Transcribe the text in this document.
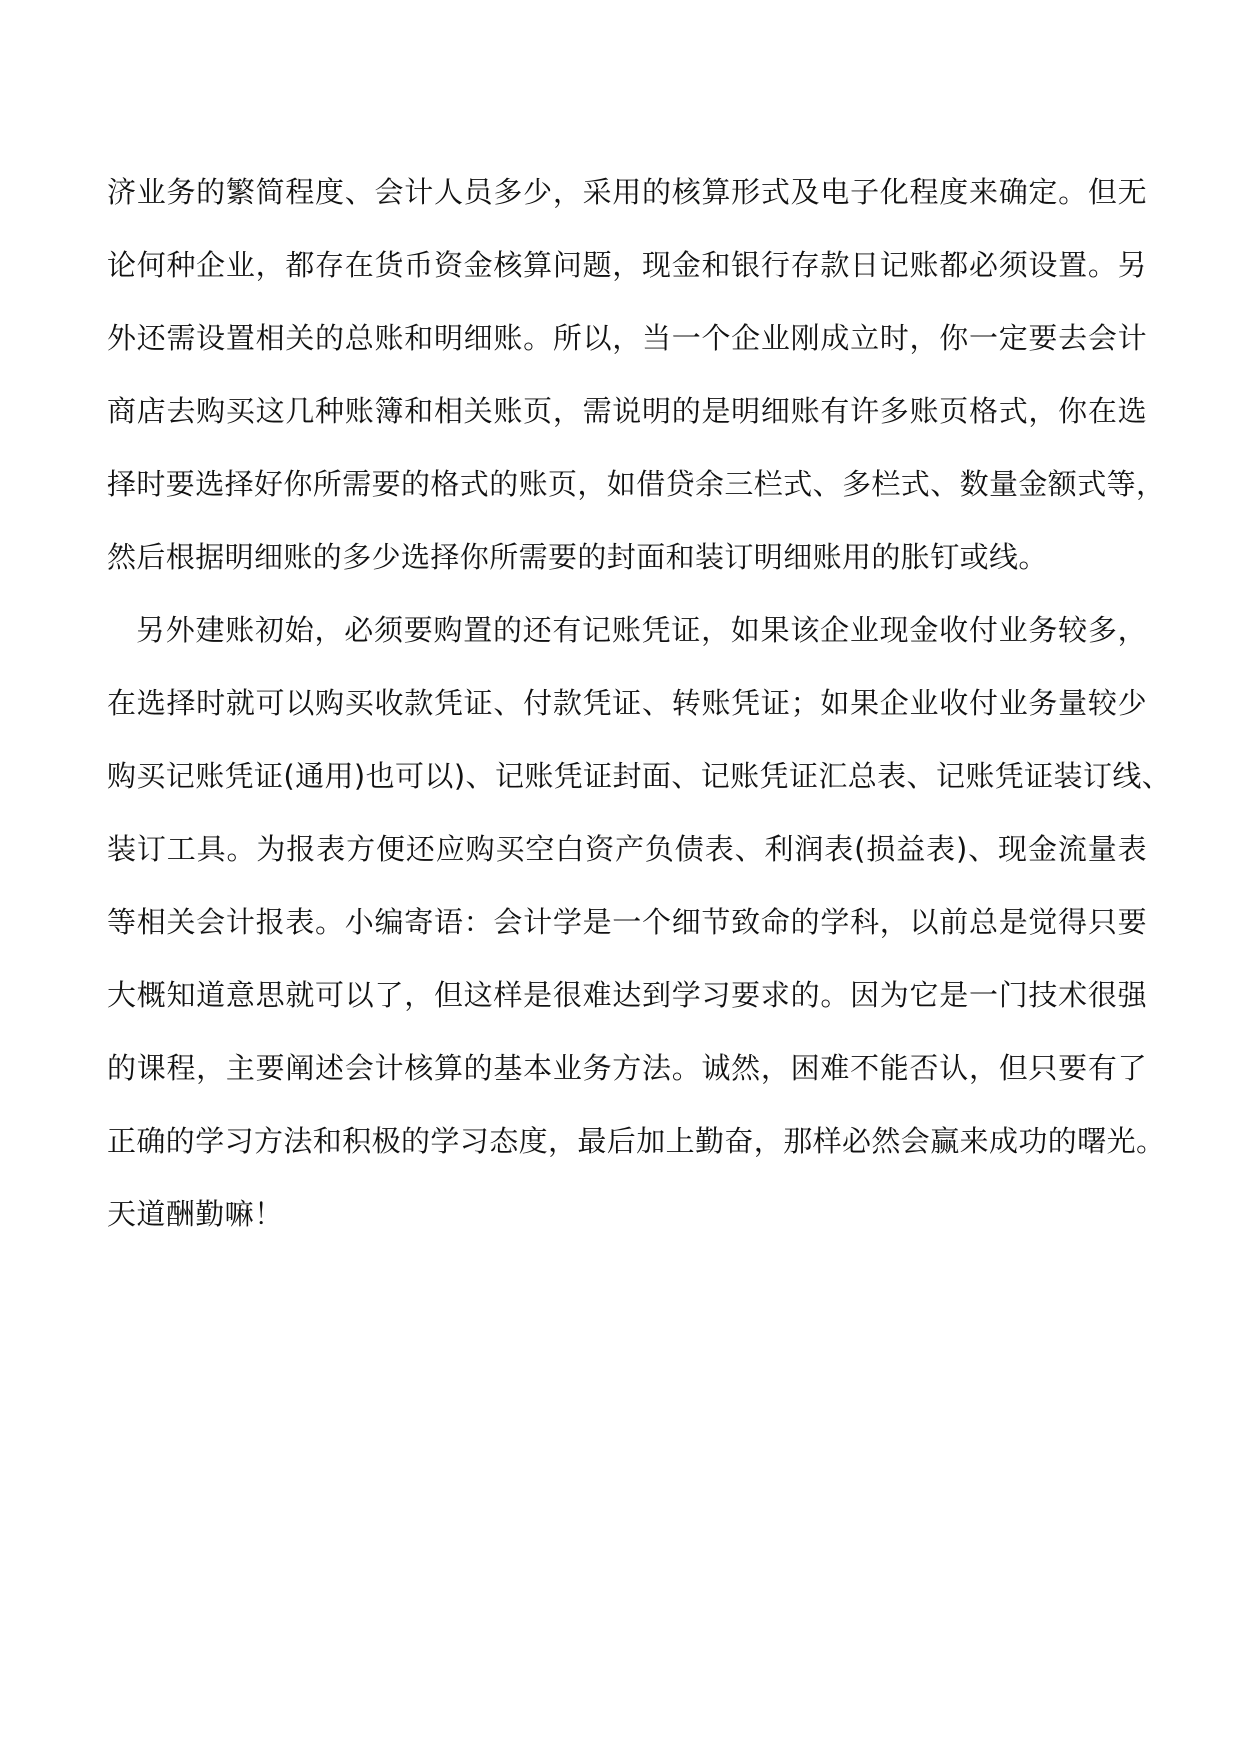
济业务的繁简程度、会计人员多少，采用的核算形式及电子化程度来确定。但无
论何种企业，都存在货币资金核算问题，现金和银行存款日记账都必须设置。另
外还需设置相关的总账和明细账。所以，当一个企业刚成立时，你一定要去会计
商店去购买这几种账簿和相关账页，需说明的是明细账有许多账页格式，你在选
择时要选择好你所需要的格式的账页，如借贷余三栏式、多栏式、数量金额式等，
然后根据明细账的多少选择你所需要的封面和装订明细账用的胀钉或线。
另外建账初始，必须要购置的还有记账凭证，如果该企业现金收付业务较多，
在选择时就可以购买收款凭证、付款凭证、转账凭证；如果企业收付业务量较少
购买记账凭证(通用)也可以)、记账凭证封面、记账凭证汇总表、记账凭证装订线、
装订工具。为报表方便还应购买空白资产负债表、利润表(损益表)、现金流量表
等相关会计报表。小编寄语：会计学是一个细节致命的学科，以前总是觉得只要
大概知道意思就可以了，但这样是很难达到学习要求的。因为它是一门技术很强
的课程，主要阐述会计核算的基本业务方法。诚然，困难不能否认，但只要有了
正确的学习方法和积极的学习态度，最后加上勤奋，那样必然会赢来成功的曙光。
天道酬勤嘛！
